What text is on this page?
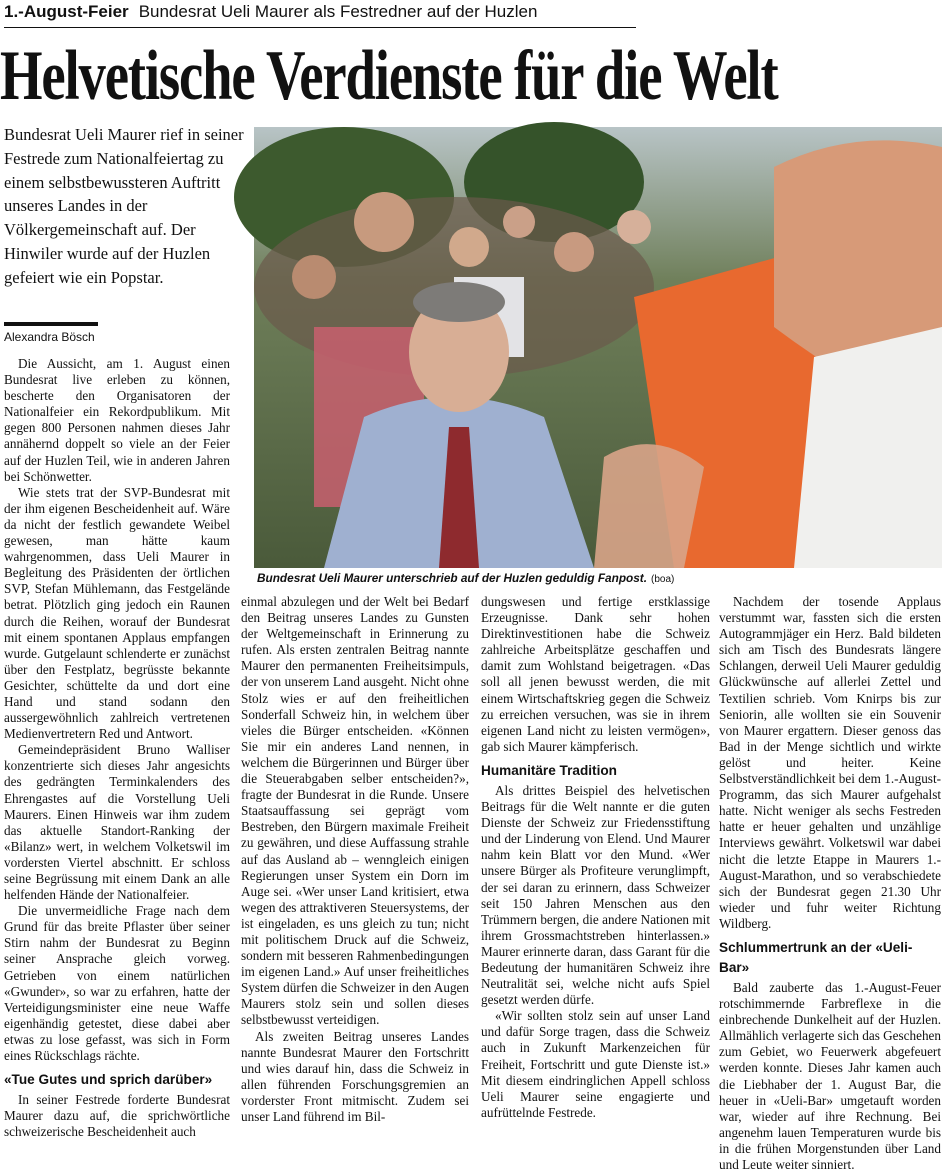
1.-August-Feier Bundesrat Ueli Maurer als Festredner auf der Huzlen
Helvetische Verdienste für die Welt
Bundesrat Ueli Maurer rief in seiner Festrede zum Nationalfeiertag zu einem selbstbewussteren Auftritt unseres Landes in der Völkergemeinschaft auf. Der Hinwiler wurde auf der Huzlen gefeiert wie ein Popstar.
Alexandra Bösch
Bundesrat Ueli Maurer unterschrieb auf der Huzlen geduldig Fanpost. (boa)

Die Aussicht, am 1. August einen Bundesrat live erleben zu können, bescherte den Organisatoren der Nationalfeier ein Rekordpublikum. Mit gegen 800 Personen nahmen dieses Jahr annähernd doppelt so viele an der Feier auf der Huzlen Teil, wie in anderen Jahren bei Schönwetter.

Wie stets trat der SVP-Bundesrat mit der ihm eigenen Bescheidenheit auf. Wäre da nicht der festlich gewandete Weibel gewesen, man hätte kaum wahrgenommen, dass Ueli Maurer in Begleitung des Präsidenten der örtlichen SVP, Stefan Mühlemann, das Festgelände betrat. Plötzlich ging jedoch ein Raunen durch die Reihen, worauf der Bundesrat mit einem spontanen Applaus empfangen wurde. Gutgelaunt schlenderte er zunächst über den Festplatz, begrüsste bekannte Gesichter, schüttelte da und dort eine Hand und stand sodann den aussergewöhnlich zahlreich vertretenen Medienvertretern Red und Antwort.

Gemeindepräsident Bruno Walliser konzentrierte sich dieses Jahr angesichts des gedrängten Terminkalenders des Ehrengastes auf die Vorstellung Ueli Maurers. Einen Hinweis war ihm zudem das aktuelle Standort-Ranking der «Bilanz» wert, in welchem Volketswil im vordersten Viertel abschnitt. Er schloss seine Begrüssung mit einem Dank an alle helfenden Hände der Nationalfeier.

Die unvermeidliche Frage nach dem Grund für das breite Pflaster über seiner Stirn nahm der Bundesrat zu Beginn seiner Ansprache gleich vorweg. Getrieben von einem natürlichen «Gwunder», so war zu erfahren, hatte der Verteidigungsminister eine neue Waffe eigenhändig getestet, diese dabei aber etwas zu lose gefasst, was sich in Form eines Rückschlags rächte.

«Tue Gutes und sprich darüber»

In seiner Festrede forderte Bundesrat Maurer dazu auf, die sprichwörtliche schweizerische Bescheidenheit auch

einmal abzulegen und der Welt bei Bedarf den Beitrag unseres Landes zu Gunsten der Weltgemeinschaft in Erinnerung zu rufen. Als ersten zentralen Beitrag nannte Maurer den permanenten Freiheitsimpuls, der von unserem Land ausgeht. Nicht ohne Stolz wies er auf den freiheitlichen Sonderfall Schweiz hin, in welchem über vieles die Bürger entscheiden. «Können Sie mir ein anderes Land nennen, in welchem die Bürgerinnen und Bürger über die Steuerabgaben selber entscheiden?», fragte der Bundesrat in die Runde. Unsere Staatsauffassung sei geprägt vom Bestreben, den Bürgern maximale Freiheit zu gewähren, und diese Auffassung strahle auf das Ausland ab – wenngleich einigen Regierungen unser System ein Dorn im Auge sei. «Wer unser Land kritisiert, etwa wegen des attraktiveren Steuersystems, der ist eingeladen, es uns gleich zu tun; nicht mit politischem Druck auf die Schweiz, sondern mit besseren Rahmenbedingungen im eigenen Land.» Auf unser freiheitliches System dürfen die Schweizer in den Augen Maurers stolz sein und sollen dieses selbstbewusst verteidigen.

Als zweiten Beitrag unseres Landes nannte Bundesrat Maurer den Fortschritt und wies darauf hin, dass die Schweiz in allen führenden Forschungsgremien an vorderster Front mitmischt. Zudem sei unser Land führend im Bil-

dungswesen und fertige erstklassige Erzeugnisse. Dank sehr hohen Direktinvestitionen habe die Schweiz zahlreiche Arbeitsplätze geschaffen und damit zum Wohlstand beigetragen. «Das soll all jenen bewusst werden, die mit einem Wirtschaftskrieg gegen die Schweiz zu erreichen versuchen, was sie in ihrem eigenen Land nicht zu leisten vermögen», gab sich Maurer kämpferisch.

Humanitäre Tradition

Als drittes Beispiel des helvetischen Beitrags für die Welt nannte er die guten Dienste der Schweiz zur Friedensstiftung und der Linderung von Elend. Und Maurer nahm kein Blatt vor den Mund. «Wer unsere Bürger als Profiteure verunglimpft, der sei daran zu erinnern, dass Schweizer seit 150 Jahren Menschen aus den Trümmern bergen, die andere Nationen mit ihrem Grossmachtstreben hinterlassen.» Maurer erinnerte daran, dass Garant für die Bedeutung der humanitären Schweiz ihre Neutralität sei, welche nicht aufs Spiel gesetzt werden dürfe.

«Wir sollten stolz sein auf unser Land und dafür Sorge tragen, dass die Schweiz auch in Zukunft Markenzeichen für Freiheit, Fortschritt und gute Dienste ist.» Mit diesem eindringlichen Appell schloss Ueli Maurer seine engagierte und aufrüttelnde Festrede.

Nachdem der tosende Applaus verstummt war, fassten sich die ersten Autogrammjäger ein Herz. Bald bildeten sich am Tisch des Bundesrats längere Schlangen, derweil Ueli Maurer geduldig Glückwünsche auf allerlei Zettel und Textilien schrieb. Vom Knirps bis zur Seniorin, alle wollten sie ein Souvenir von Maurer ergattern. Dieser genoss das Bad in der Menge sichtlich und wirkte gelöst und heiter. Keine Selbstverständlichkeit bei dem 1.-August-Programm, das sich Maurer aufgehalst hatte. Nicht weniger als sechs Festreden hatte er heuer gehalten und unzählige Interviews gewährt. Volketswil war dabei nicht die letzte Etappe in Maurers 1.-August-Marathon, und so verabschiedete sich der Bundesrat gegen 21.30 Uhr wieder und fuhr weiter Richtung Wildberg.

Schlummertrunk an der «Ueli-Bar»

Bald zauberte das 1.-August-Feuer rotschimmernde Farbreflexe in die einbrechende Dunkelheit auf der Huzlen. Allmählich verlagerte sich das Geschehen zum Gebiet, wo Feuerwerk abgefeuert werden konnte. Dieses Jahr kamen auch die Liebhaber der 1. August Bar, die heuer in «Ueli-Bar» umgetauft worden war, wieder auf ihre Rechnung. Bei angenehm lauen Temperaturen wurde bis in die frühen Morgenstunden über Land und Leute weiter sinniert.
